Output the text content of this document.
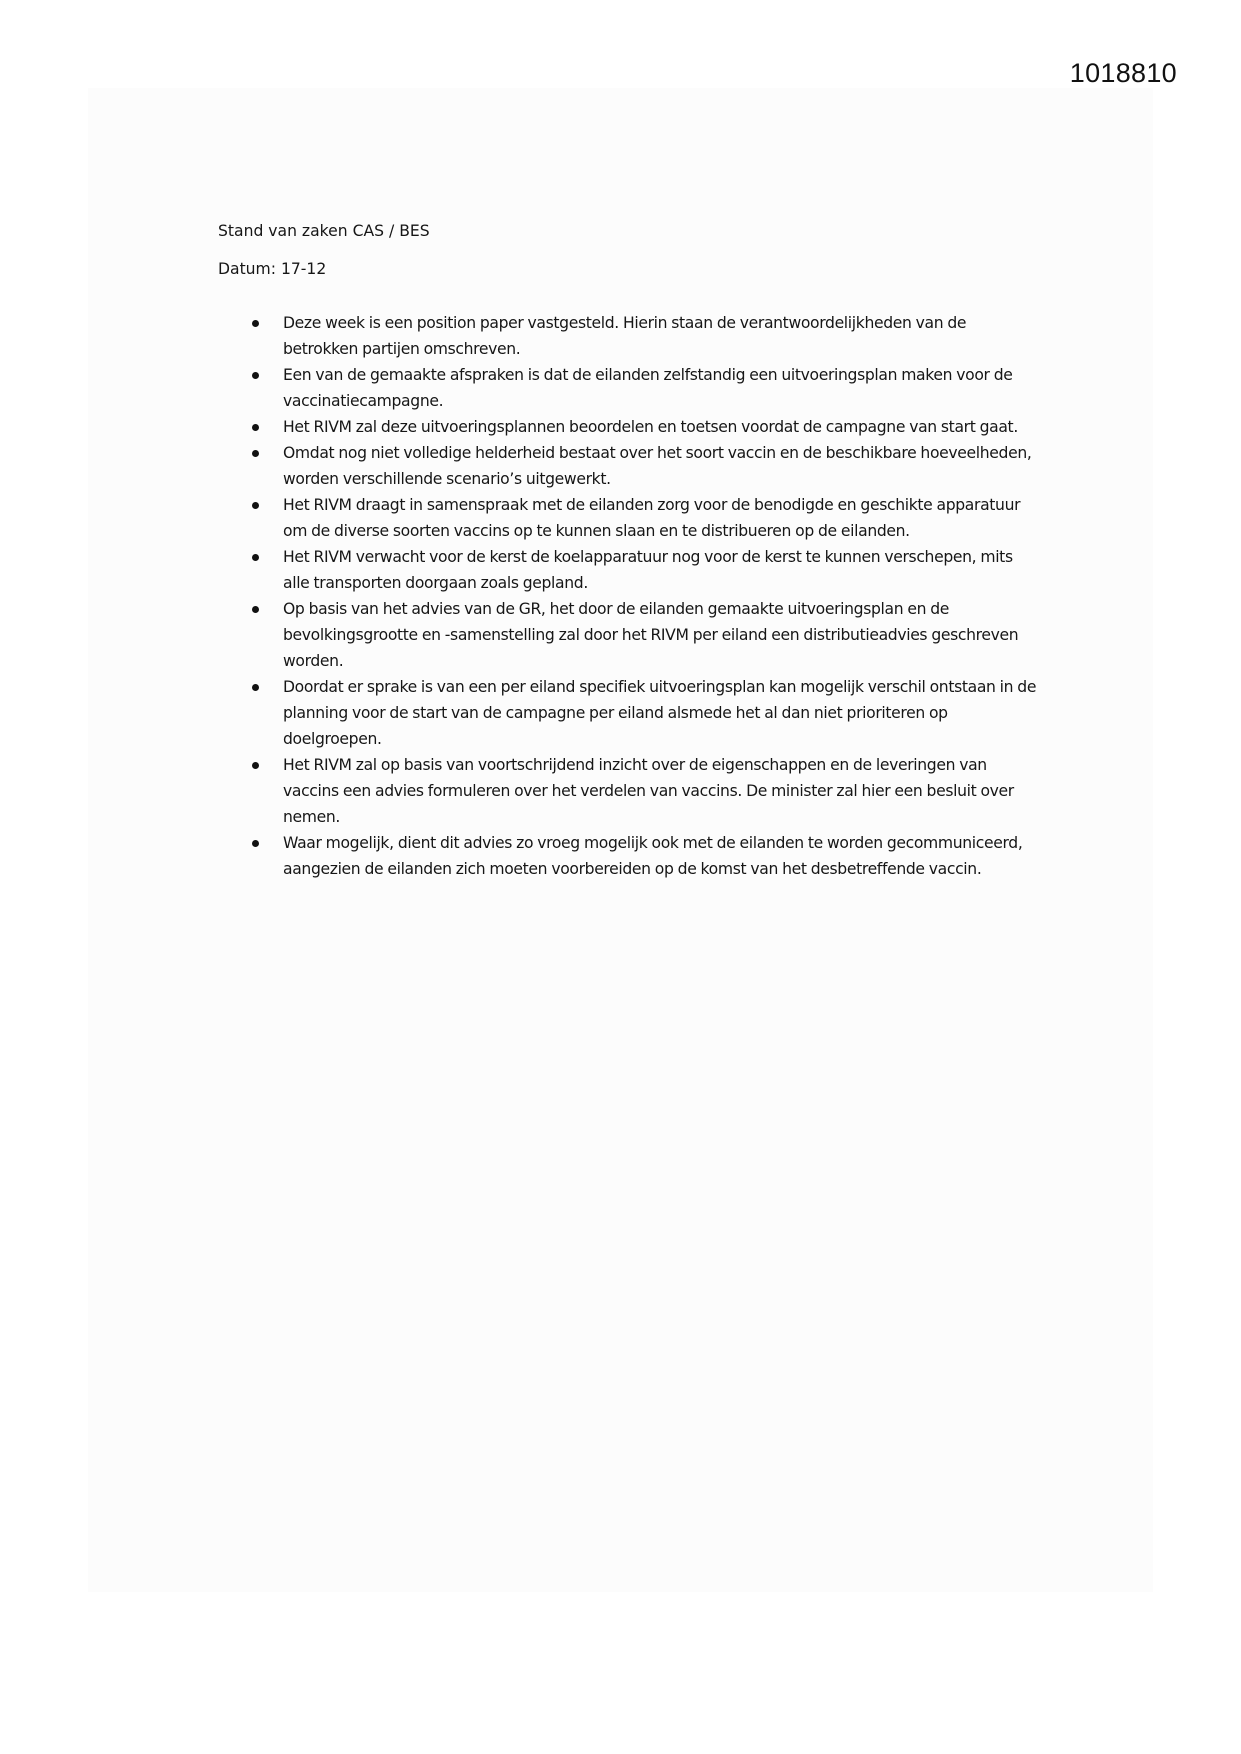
1018810

Stand van zaken CAS / BES

Datum: 17-12

Deze week is een position paper vastgesteld. Hierin staan de verantwoordelijkheden van de betrokken partijen omschreven.
Een van de gemaakte afspraken is dat de eilanden zelfstandig een uitvoeringsplan maken voor de vaccinatiecampagne.
Het RIVM zal deze uitvoeringsplannen beoordelen en toetsen voordat de campagne van start gaat.
Omdat nog niet volledige helderheid bestaat over het soort vaccin en de beschikbare hoeveelheden, worden verschillende scenario’s uitgewerkt.
Het RIVM draagt in samenspraak met de eilanden zorg voor de benodigde en geschikte apparatuur om de diverse soorten vaccins op te kunnen slaan en te distribueren op de eilanden.
Het RIVM verwacht voor de kerst de koelapparatuur nog voor de kerst te kunnen verschepen, mits alle transporten doorgaan zoals gepland.
Op basis van het advies van de GR, het door de eilanden gemaakte uitvoeringsplan en de bevolkingsgrootte en -samenstelling zal door het RIVM per eiland een distributieadvies geschreven worden.
Doordat er sprake is van een per eiland specifiek uitvoeringsplan kan mogelijk verschil ontstaan in de planning voor de start van de campagne per eiland alsmede het al dan niet prioriteren op doelgroepen.
Het RIVM zal op basis van voortschrijdend inzicht over de eigenschappen en de leveringen van vaccins een advies formuleren over het verdelen van vaccins. De minister zal hier een besluit over nemen.
Waar mogelijk, dient dit advies zo vroeg mogelijk ook met de eilanden te worden gecommuniceerd, aangezien de eilanden zich moeten voorbereiden op de komst van het desbetreffende vaccin.
